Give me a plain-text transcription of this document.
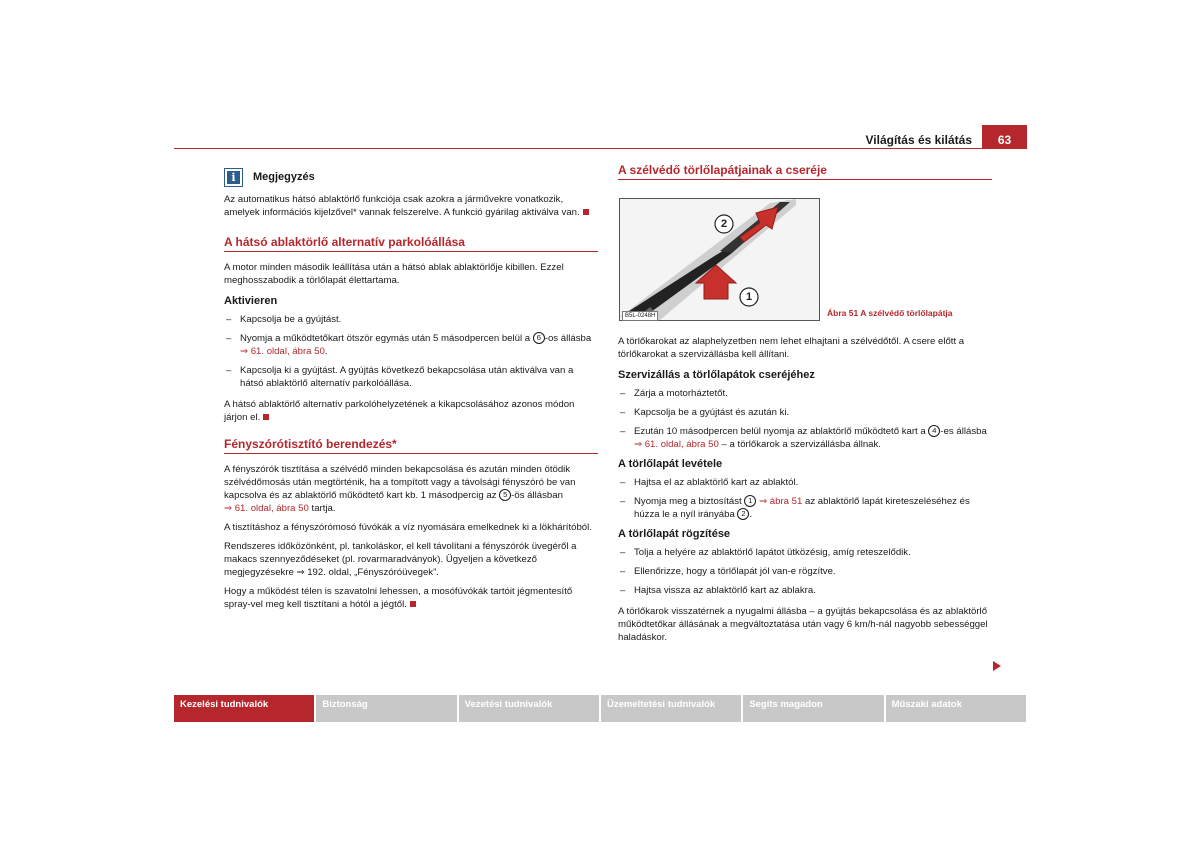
Világítás és kilátás	63
i	Megjegyzés

Az automatikus hátsó ablaktörlő funkciója csak azokra a járművekre vonatkozik, amelyek információs kijelzővel* vannak felszerelve. A funkció gyárilag aktiválva van.

A hátsó ablaktörlő alternatív parkolóállása

A motor minden második leállítása után a hátsó ablak ablaktörlője kibillen. Ezzel meghosszabodik a törlőlapát élettartama.

Aktivieren
– Kapcsolja be a gyújtást.
– Nyomja a működtetőkart ötször egymás után 5 másodpercen belül a 6 -os állásba
⇒ 61. oldal, ábra 50.
– Kapcsolja ki a gyújtást. A gyújtás következő bekapcsolása után aktiválva van a hátsó ablaktörlő alternatív parkolóállása.

A hátsó ablaktörlő alternatív parkolóhelyzetének a kikapcsolásához azonos módon járjon el.

Fényszórótisztító berendezés*

A fényszórók tisztítása a szélvédő minden bekapcsolása és azután minden ötödik szélvédőmosás után megtörténik, ha a tompított vagy a távolsági fényszóró be van kapcsolva és az ablaktörlő működtető kart kb. 1 másodpercig az 5 -ös állásban
⇒ 61. oldal, ábra 50 tartja.

A tisztításhoz a fényszórómosó fúvókák a víz nyomására emelkednek ki a lökhárítóból.

Rendszeres időközönként, pl. tankoláskor, el kell távolítani a fényszórók üvegéről a makacs szennyeződéseket (pl. rovarmaradványok). Ügyeljen a következő megjegyzésekre ⇒ 192. oldal, „Fényszóróüvegek”.

Hogy a működést télen is szavatolni lehessen, a mosófúvókák tartóit jégmentesítő spray-vel meg kell tisztítani a hótól a jégtől.

A szélvédő törlőlapátjainak a cseréje
2
1
B5L-0248H	Ábra 51 A szélvédő törlőlapátja

A törlőkarokat az alaphelyzetben nem lehet elhajtani a szélvédőtől. A csere előtt a törlőkarokat a szervizállásba kell állítani.

Szervizállás a törlőlapátok cseréjéhez
– Zárja a motorháztetőt.
– Kapcsolja be a gyújtást és azután ki.
– Ezután 10 másodpercen belül nyomja az ablaktörlő működtető kart a 4 -es állásba ⇒ 61. oldal, ábra 50 – a törlőkarok a szervizállásba állnak.
A törlőlapát levétele
– Hajtsa el az ablaktörlő kart az ablaktól.
– Nyomja meg a biztosítást 1 ⇒ ábra 51 az ablaktörlő lapát kireteszeléséhez és húzza le a nyíl irányába 2 .
A törlőlapát rögzítése
– Tolja a helyére az ablaktörlő lapátot ütközésig, amíg reteszelődik.
– Ellenőrizze, hogy a törlőlapát jól van-e rögzítve.
– Hajtsa vissza az ablaktörlő kart az ablakra.

A törlőkarok visszatérnek a nyugalmi állásba – a gyújtás bekapcsolása és az ablaktörlő működtetőkar állásának a megváltoztatása után vagy 6 km/h-nál nagyobb sebességgel haladáskor.

Kezelési tudnivalók	Biztonság	Vezetési tudnivalók	Üzemeltetési tudnivalók	Segíts magadon	Műszaki adatok
